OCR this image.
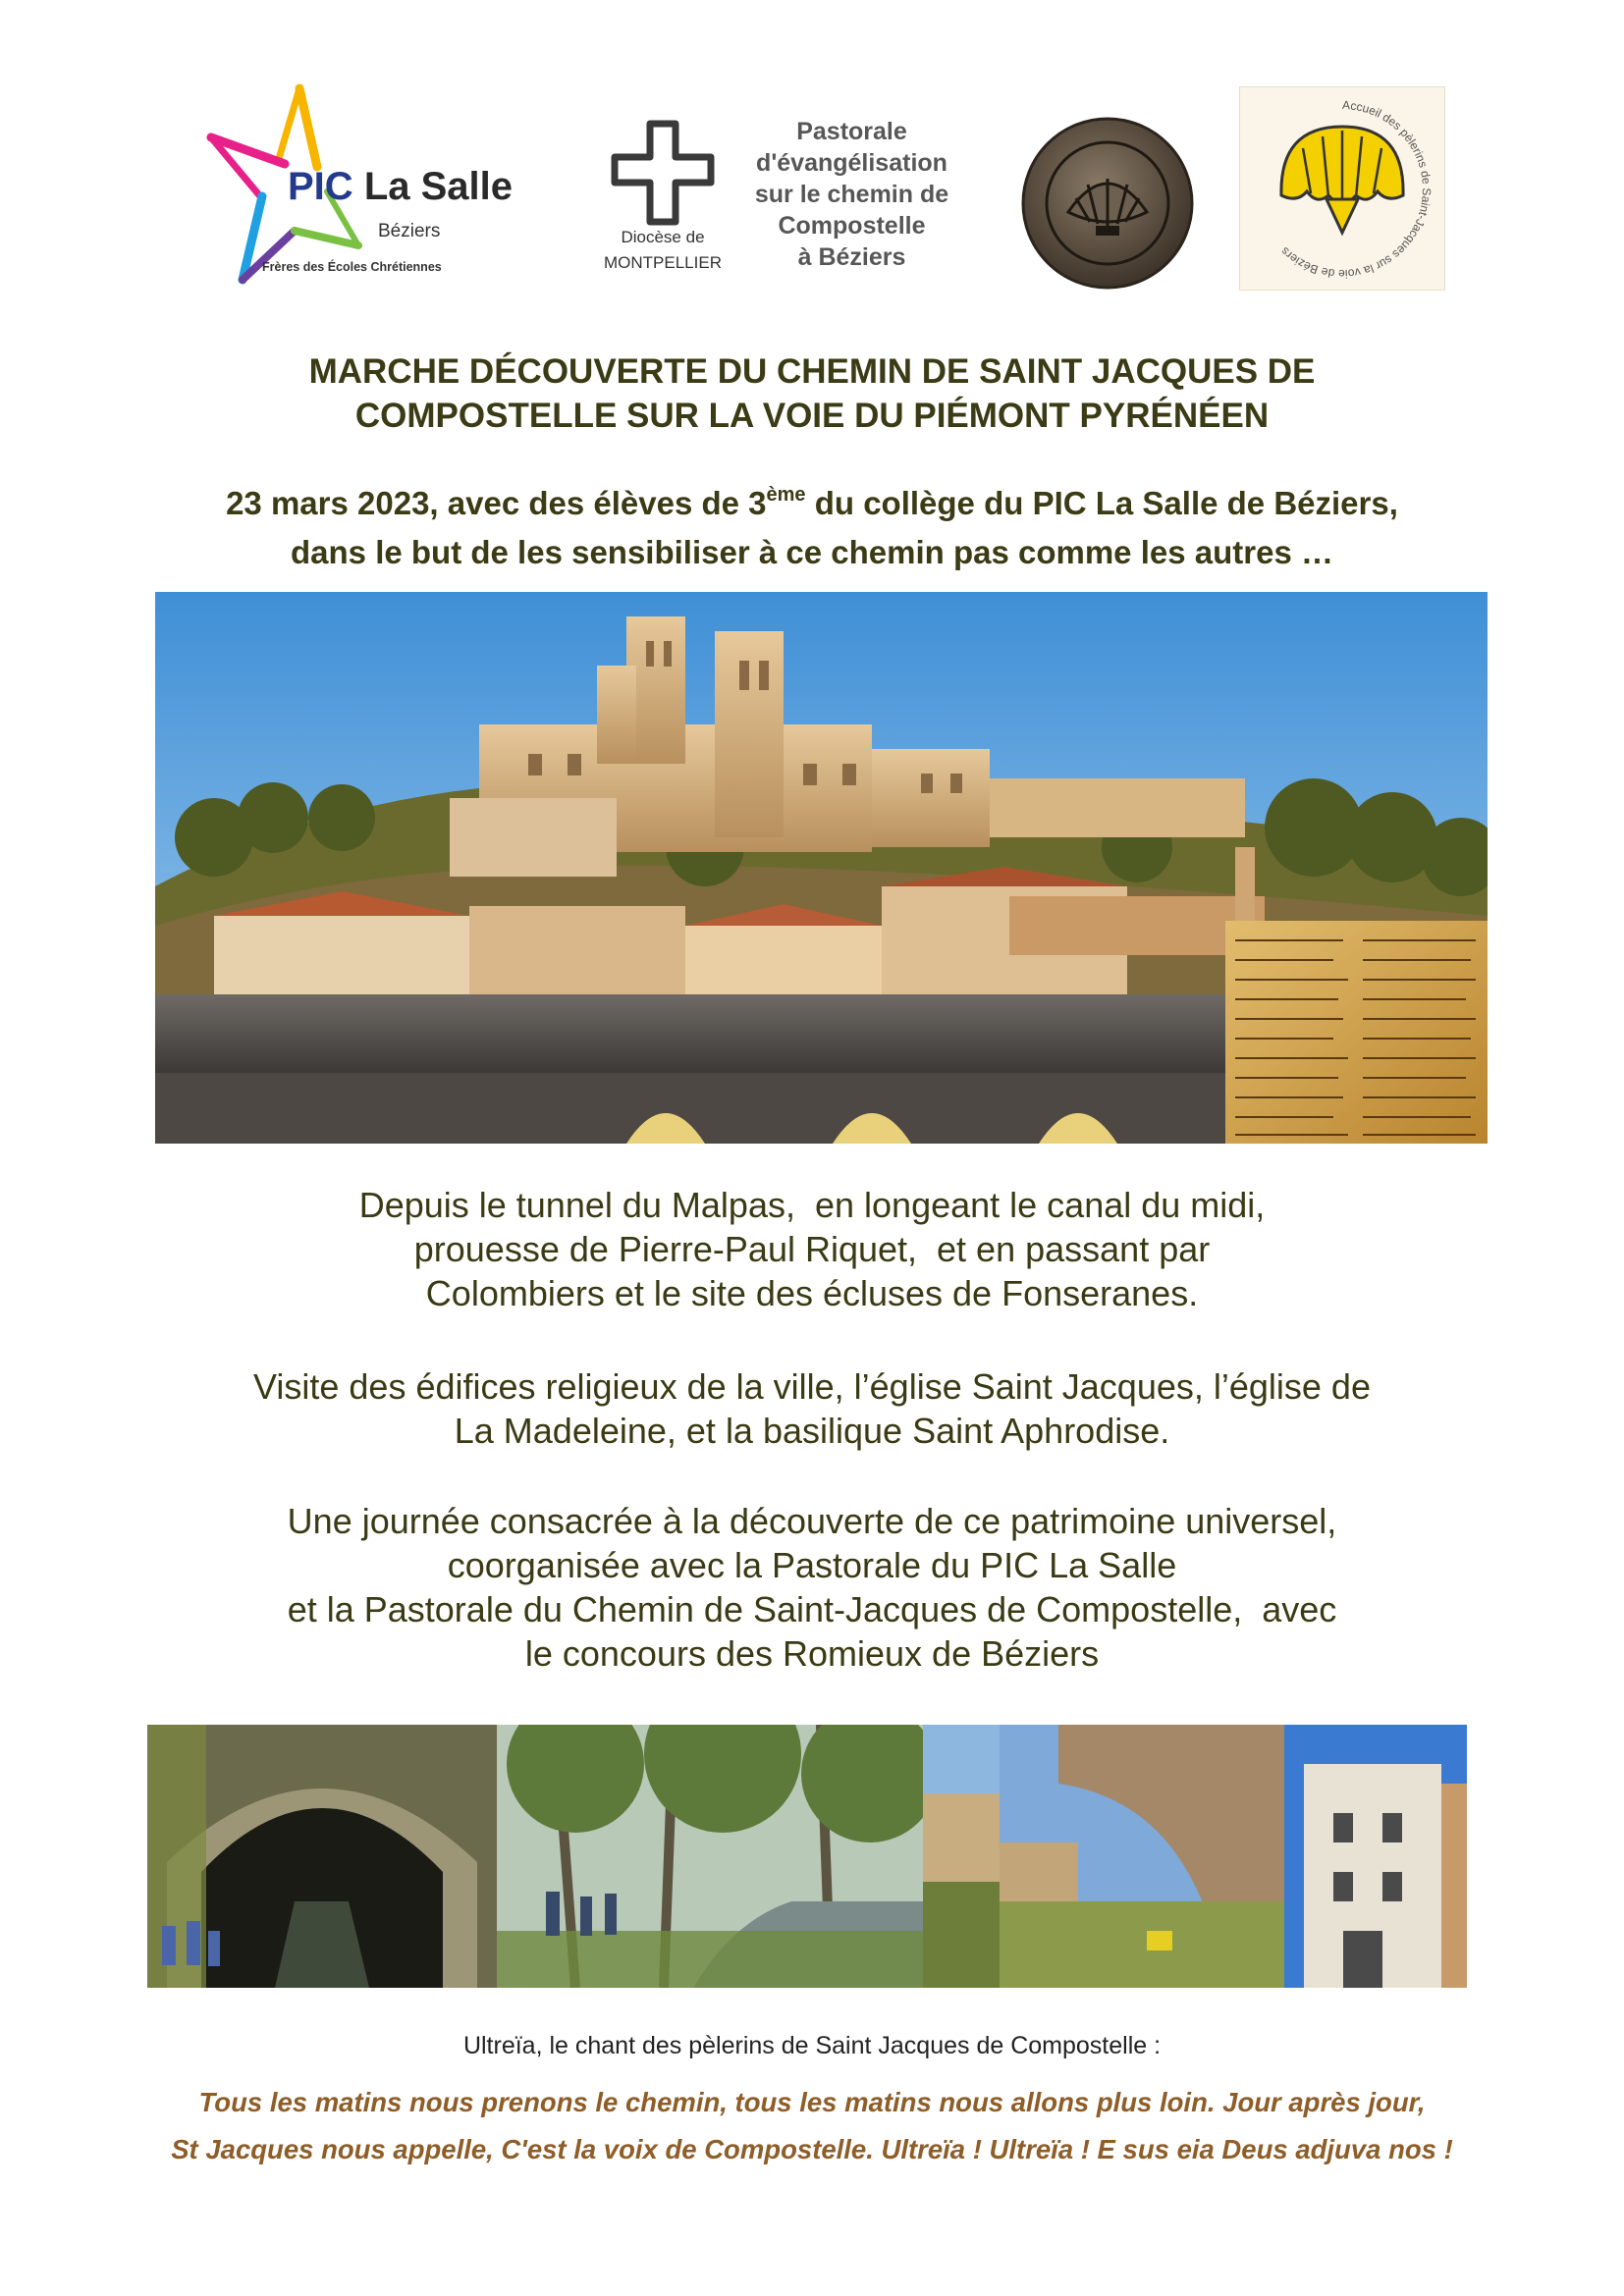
PIC La Salle
Béziers
Frères des Écoles Chrétiennes
Diocèse de
MONTPELLIER
Pastorale
d'évangélisation
sur le chemin de
Compostelle
à Béziers
Accueil des pèlerins de Saint-Jacques sur la voie de Béziers
MARCHE DÉCOUVERTE DU CHEMIN DE SAINT JACQUES DE
COMPOSTELLE SUR LA VOIE DU PIÉMONT PYRÉNÉEN
23 mars 2023, avec des élèves de 3ème du collège du PIC La Salle de Béziers,
dans le but de les sensibiliser à ce chemin pas comme les autres …
Depuis le tunnel du Malpas,  en longeant le canal du midi,
prouesse de Pierre-Paul Riquet,  et en passant par
Colombiers et le site des écluses de Fonseranes.
Visite des édifices religieux de la ville, l’église Saint Jacques, l’église de
La Madeleine, et la basilique Saint Aphrodise.
Une journée consacrée à la découverte de ce patrimoine universel,
coorganisée avec la Pastorale du PIC La Salle
et la Pastorale du Chemin de Saint-Jacques de Compostelle,  avec
le concours des Romieux de Béziers
Ultreïa, le chant des pèlerins de Saint Jacques de Compostelle :
Tous les matins nous prenons le chemin, tous les matins nous allons plus loin. Jour après jour,
St Jacques nous appelle, C'est la voix de Compostelle. Ultreïa ! Ultreïa ! E sus eia Deus adjuva nos !
